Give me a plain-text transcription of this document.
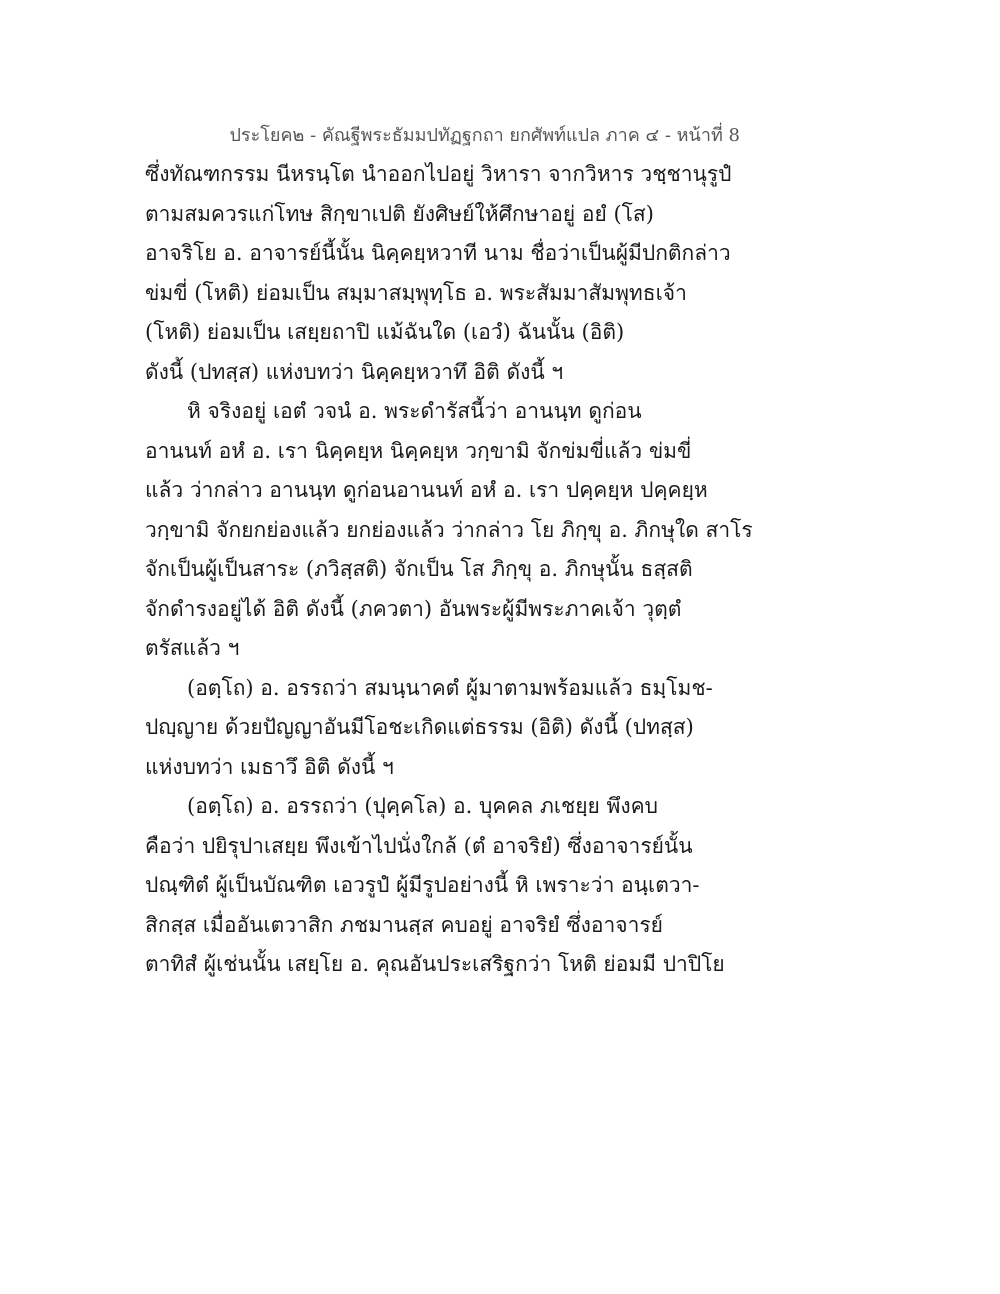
ประโยค๒ - คัณฐีพระธัมมปทัฏฐกถา ยกศัพท์แปล ภาค ๔ - หน้าที่ 8
ซึ่งทัณฑกรรม นีหรนฺโต นำออกไปอยู่ วิหารา จากวิหาร วชฺชานุรูปํ
ตามสมควรแก่โทษ สิกฺขาเปติ ยังศิษย์ให้ศึกษาอยู่ อยํ (โส)
อาจริโย อ. อาจารย์นี้นั้น นิคฺคยฺหวาที นาม ชื่อว่าเป็นผู้มีปกติกล่าว
ข่มขี่ (โหติ) ย่อมเป็น สมฺมาสมฺพุทฺโธ อ. พระสัมมาสัมพุทธเจ้า
(โหติ) ย่อมเป็น เสยฺยถาปิ แม้ฉันใด (เอวํ) ฉันนั้น (อิติ)
ดังนี้ (ปทสฺส) แห่งบทว่า นิคฺคยฺหวาทึ อิติ ดังนี้ ฯ
หิ จริงอยู่ เอตํ วจนํ อ. พระดำรัสนี้ว่า อานนฺท ดูก่อน
อานนท์ อหํ อ. เรา นิคฺคยฺห นิคฺคยฺห วกฺขามิ จักข่มขี่แล้ว ข่มขี่
แล้ว ว่ากล่าว อานนฺท ดูก่อนอานนท์ อหํ อ. เรา ปคฺคยฺห ปคฺคยฺห
วกฺขามิ จักยกย่องแล้ว ยกย่องแล้ว ว่ากล่าว โย ภิกฺขุ อ. ภิกษุใด สาโร
จักเป็นผู้เป็นสาระ (ภวิสฺสติ) จักเป็น โส ภิกฺขุ อ. ภิกษุนั้น ธสฺสติ
จักดำรงอยู่ได้ อิติ ดังนี้ (ภควตา) อันพระผู้มีพระภาคเจ้า วุตฺตํ
ตรัสแล้ว ฯ
(อตฺโถ) อ. อรรถว่า สมนฺนาคตํ ผู้มาตามพร้อมแล้ว ธมฺโมช-
ปญฺญาย ด้วยปัญญาอันมีโอชะเกิดแต่ธรรม (อิติ) ดังนี้ (ปทสฺส)
แห่งบทว่า เมธาวึ อิติ ดังนี้ ฯ
(อตฺโถ) อ. อรรถว่า (ปุคฺคโล) อ. บุคคล ภเชยฺย พึงคบ
คือว่า ปยิรุปาเสยฺย พึงเข้าไปนั่งใกล้ (ตํ อาจริยํ) ซึ่งอาจารย์นั้น
ปณฺฑิตํ ผู้เป็นบัณฑิต เอวรูปํ ผู้มีรูปอย่างนี้ หิ เพราะว่า อนฺเตวา-
สิกสฺส เมื่ออันเตวาสิก ภชมานสฺส คบอยู่ อาจริยํ ซึ่งอาจารย์
ตาทิสํ ผู้เช่นนั้น เสยฺโย อ. คุณอันประเสริฐกว่า โหติ ย่อมมี ปาปิโย
